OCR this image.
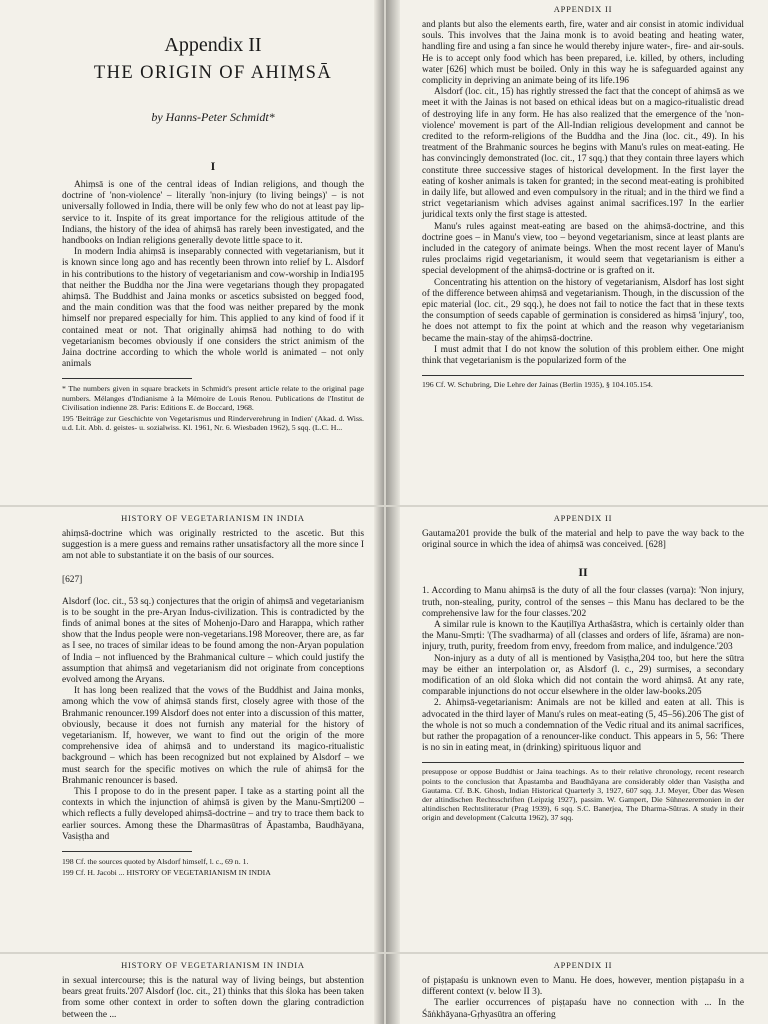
Appendix II
THE ORIGIN OF AHIṂSĀ
by Hanns-Peter Schmidt*
I

Ahiṃsā is one of the central ideas of Indian religions, and though the doctrine of 'non-violence' – literally 'non-injury (to living beings)' – is not universally followed in India, there will be only few who do not at least pay lip-service to it. Inspite of its great importance for the religious attitude of the Indians, the history of the idea of ahiṃsā has rarely been investigated, and the handbooks on Indian religions generally devote little space to it.

In modern India ahiṃsā is inseparably connected with vegetarianism, but it is known since long ago and has recently been thrown into relief by L. Alsdorf in his contributions to the history of vegetarianism and cow-worship in India195 that neither the Buddha nor the Jina were vegetarians though they propagated ahiṃsā. The Buddhist and Jaina monks or ascetics subsisted on begged food, and the main condition was that the food was neither prepared by the monk himself nor prepared especially for him. This applied to any kind of food if it contained meat or not. That originally ahiṃsā had nothing to do with vegetarianism becomes obviously if one considers the strict animism of the Jaina doctrine according to which the whole world is animated – not only animals

* The numbers given in square brackets in Schmidt's present article relate to the original page numbers. Mélanges d'Indianisme à la Mémoire de Louis Renou. Publications de l'Institut de Civilisation indienne 28. Paris: Editions E. de Boccard, 1968.

195 'Beiträge zur Geschichte von Vegetarismus und Rinderverehrung in Indien' (Akad. d. Wiss. u.d. Lit. Abh. d. geistes- u. sozialwiss. Kl. 1961, Nr. 6. Wiesbaden 1962), 5 sqq. (L.C. H...

APPENDIX II

and plants but also the elements earth, fire, water and air consist in atomic individual souls. This involves that the Jaina monk is to avoid beating and heating water, handling fire and using a fan since he would thereby injure water-, fire- and air-souls. He is to accept only food which has been prepared, i.e. killed, by others, including water [626] which must be boiled. Only in this way he is safeguarded against any complicity in depriving an animate being of its life.196

Alsdorf (loc. cit., 15) has rightly stressed the fact that the concept of ahiṃsā as we meet it with the Jainas is not based on ethical ideas but on a magico-ritualistic dread of destroying life in any form. He has also realized that the emergence of the 'non-violence' movement is part of the All-Indian religious development and cannot be credited to the reform-religions of the Buddha and the Jina (loc. cit., 49). In his treatment of the Brahmanic sources he begins with Manu's rules on meat-eating. He has convincingly demonstrated (loc. cit., 17 sqq.) that they contain three layers which constitute three successive stages of historical development. In the first layer the eating of kosher animals is taken for granted; in the second meat-eating is prohibited in daily life, but allowed and even compulsory in the ritual; and in the third we find a strict vegetarianism which advises against animal sacrifices.197 In the earlier juridical texts only the first stage is attested.

Manu's rules against meat-eating are based on the ahiṃsā-doctrine, and this doctrine goes – in Manu's view, too – beyond vegetarianism, since at least plants are included in the category of animate beings. When the most recent layer of Manu's rules proclaims rigid vegetarianism, it would seem that vegetarianism is either a special development of the ahiṃsā-doctrine or is grafted on it.

Concentrating his attention on the history of vegetarianism, Alsdorf has lost sight of the difference between ahiṃsā and vegetarianism. Though, in the discussion of the epic material (loc. cit., 29 sqq.), he does not fail to notice the fact that in these texts the consumption of seeds capable of germination is considered as hiṃsā 'injury', too, he does not attempt to fix the point at which and the reason why vegetarianism became the main-stay of the ahiṃsā-doctrine.

I must admit that I do not know the solution of this problem either. One might think that vegetarianism is the popularized form of the

196 Cf. W. Schubring, Die Lehre der Jainas (Berlin 1935), § 104.105.154.

HISTORY OF VEGETARIANISM IN INDIA

ahiṃsā-doctrine which was originally restricted to the ascetic. But this suggestion is a mere guess and remains rather unsatisfactory all the more since I am not able to substantiate it on the basis of our sources.

[627]

Alsdorf (loc. cit., 53 sq.) conjectures that the origin of ahiṃsā and vegetarianism is to be sought in the pre-Aryan Indus-civilization. This is contradicted by the finds of animal bones at the sites of Mohenjo-Daro and Harappa, which rather show that the Indus people were non-vegetarians.198 Moreover, there are, as far as I see, no traces of similar ideas to be found among the non-Aryan population of India – not influenced by the Brahmanical culture – which could justify the assumption that ahiṃsā and vegetarianism did not originate from conceptions evolved among the Aryans.

It has long been realized that the vows of the Buddhist and Jaina monks, among which the vow of ahiṃsā stands first, closely agree with those of the Brahmanic renouncer.199 Alsdorf does not enter into a discussion of this matter, obviously, because it does not furnish any material for the history of vegetarianism. If, however, we want to find out the origin of the more comprehensive idea of ahiṃsā and to understand its magico-ritualistic background – which has been recognized but not explained by Alsdorf – we must search for the specific motives on which the rule of ahiṃsā for the Brahmanic renouncer is based.

This I propose to do in the present paper. I take as a starting point all the contexts in which the injunction of ahiṃsā is given by the Manu-Smṛti200 – which reflects a fully developed ahiṃsā-doctrine – and try to trace them back to earlier sources. Among these the Dharmasūtras of Āpastamba, Baudhāyana, Vasiṣṭha and

198 Cf. the sources quoted by Alsdorf himself, l. c., 69 n. 1.

199 Cf. H. Jacobi ... HISTORY OF VEGETARIANISM IN INDIA

APPENDIX II

Gautama201 provide the bulk of the material and help to pave the way back to the original source in which the idea of ahiṃsā was conceived. [628]

II

1. According to Manu ahiṃsā is the duty of all the four classes (varṇa): 'Non injury, truth, non-stealing, purity, control of the senses – this Manu has declared to be the comprehensive law for the four classes.'202

A similar rule is known to the Kauṭilīya Arthaśāstra, which is certainly older than the Manu-Smṛti: '(The svadharma) of all (classes and orders of life, āśrama) are non-injury, truth, purity, freedom from envy, freedom from malice, and indulgence.'203

Non-injury as a duty of all is mentioned by Vasiṣṭha,204 too, but here the sūtra may be either an interpolation or, as Alsdorf (l. c., 29) surmises, a secondary modification of an old śloka which did not contain the word ahiṃsā. At any rate, comparable injunctions do not occur elsewhere in the older law-books.205

2. Ahiṃsā-vegetarianism: Animals are not be killed and eaten at all. This is advocated in the third layer of Manu's rules on meat-eating (5, 45–56).206 The gist of the whole is not so much a condemnation of the Vedic ritual and its animal sacrifices, but rather the propagation of a renouncer-like conduct. This appears in 5, 56: 'There is no sin in eating meat, in (drinking) spirituous liquor and

presuppose or oppose Buddhist or Jaina teachings. As to their relative chronology, recent research points to the conclusion that Āpastamba and Baudhāyana are considerably older than Vasiṣṭha and Gautama. Cf. B.K. Ghosh, Indian Historical Quarterly 3, 1927, 607 sqq. J.J. Meyer, Über das Wesen der altindischen Rechtsschriften (Leipzig 1927), passim. W. Gampert, Die Sühnezeremonien in der altindischen Rechtsliteratur (Prag 1939), 6 sqq. S.C. Banerjea, The Dharma-Sūtras. A study in their origin and development (Calcutta 1962), 37 sqq.

HISTORY OF VEGETARIANISM IN INDIA

in sexual intercourse; this is the natural way of living beings, but abstention bears great fruits.'207 Alsdorf (loc. cit., 21) thinks that this śloka has been taken from some other context in order to soften down the glaring contradiction between the ...

APPENDIX II

of piṣṭapaśu is unknown even to Manu. He does, however, mention piṣṭapaśu in a different context (v. below II 3).

The earlier occurrences of piṣṭapaśu have no connection with ... In the Śāṅkhāyana-Gṛhyasūtra an offering
